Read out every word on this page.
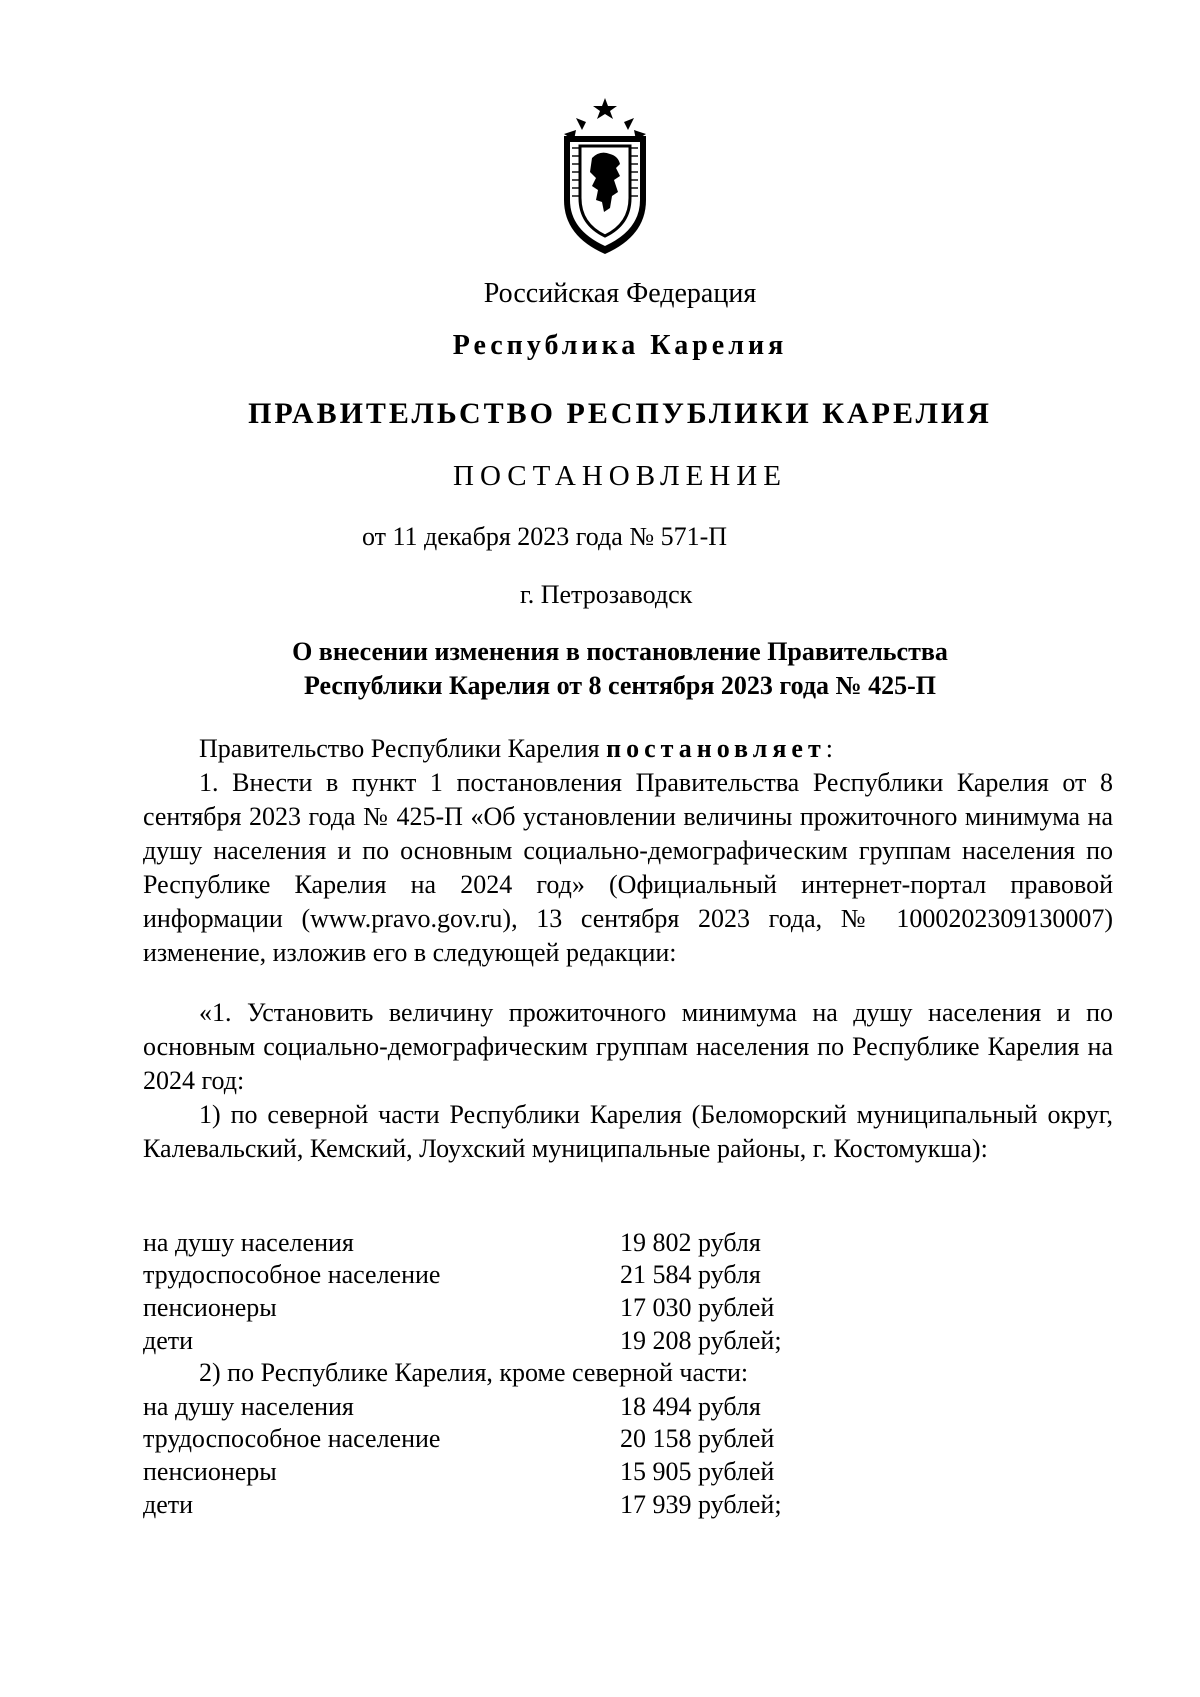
Российская Федерация
Республика Карелия
ПРАВИТЕЛЬСТВО РЕСПУБЛИКИ КАРЕЛИЯ
ПОСТАНОВЛЕНИЕ
от 11 декабря 2023 года № 571-П
г. Петрозаводск
О внесении изменения в постановление Правительства
Республики Карелия от 8 сентября 2023 года № 425-П
Правительство Республики Карелия постановляет:
1. Внести в пункт 1 постановления Правительства Республики Карелия от 8 сентября 2023 года № 425-П «Об установлении величины прожиточного минимума на душу населения и по основным социально-демографическим группам населения по Республике Карелия на 2024 год» (Официальный интернет-портал правовой информации (www.pravo.gov.ru), 13 сентября 2023 года, № 1000202309130007) изменение, изложив его в следующей редакции:
«1. Установить величину прожиточного минимума на душу населения и по основным социально-демографическим группам населения по Республике Карелия на 2024 год:
1) по северной части Республики Карелия (Беломорский муниципальный округ, Калевальский, Кемский, Лоухский муниципальные районы, г. Костомукша):
на душу населения	19 802 рубля
трудоспособное население	21 584 рубля
пенсионеры	17 030 рублей
дети	19 208 рублей;
2) по Республике Карелия, кроме северной части:
на душу населения	18 494 рубля
трудоспособное население	20 158 рублей
пенсионеры	15 905 рублей
дети	17 939 рублей;
